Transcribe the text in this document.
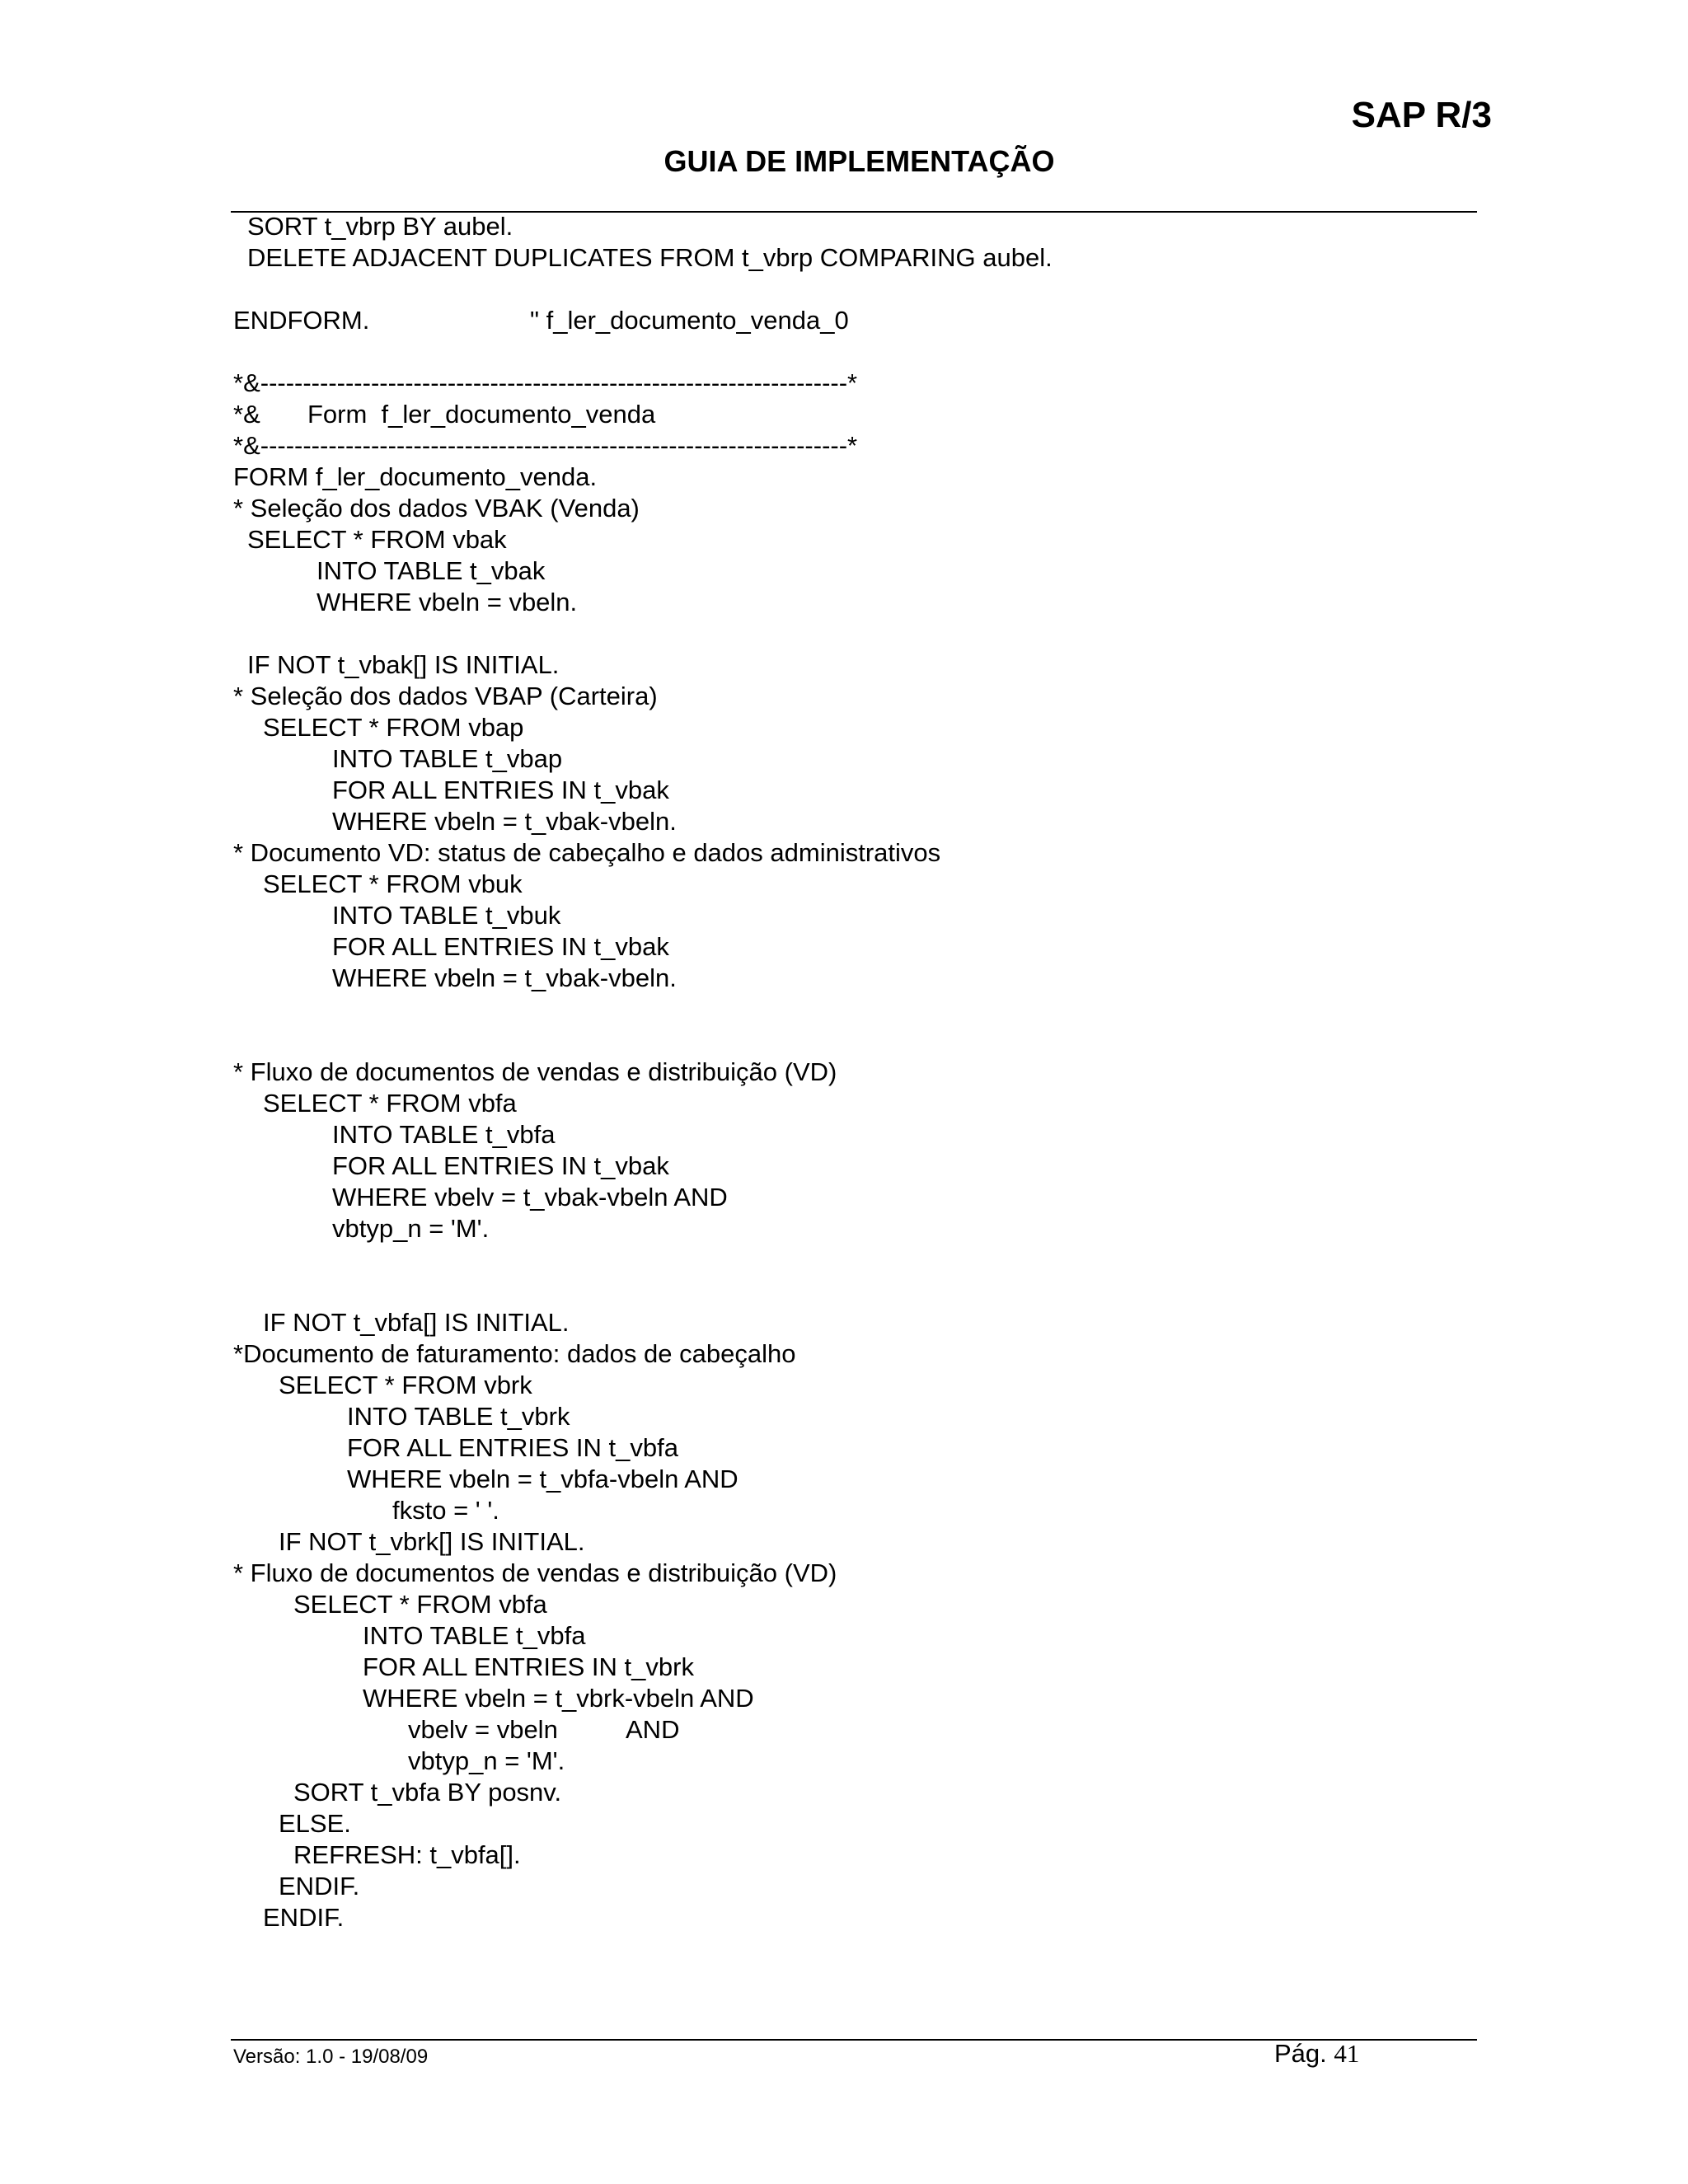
SAP R/3
GUIA DE IMPLEMENTAÇÃO
SORT t_vbrp BY aubel.
DELETE ADJACENT DUPLICATES FROM t_vbrp COMPARING aubel.
ENDFORM.	" f_ler_documento_venda_0
*&---------------------------------------------------------------------*
*& Form  f_ler_documento_venda
*&---------------------------------------------------------------------*
FORM f_ler_documento_venda.
* Seleção dos dados VBAK (Venda)
SELECT * FROM vbak
INTO TABLE t_vbak
WHERE vbeln = vbeln.
IF NOT t_vbak[] IS INITIAL.
* Seleção dos dados VBAP (Carteira)
SELECT * FROM vbap
INTO TABLE t_vbap
FOR ALL ENTRIES IN t_vbak
WHERE vbeln = t_vbak-vbeln.
* Documento VD: status de cabeçalho e dados administrativos
SELECT * FROM vbuk
INTO TABLE t_vbuk
FOR ALL ENTRIES IN t_vbak
WHERE vbeln = t_vbak-vbeln.
* Fluxo de documentos de vendas e distribuição (VD)
SELECT * FROM vbfa
INTO TABLE t_vbfa
FOR ALL ENTRIES IN t_vbak
WHERE vbelv = t_vbak-vbeln AND
vbtyp_n = 'M'.
IF NOT t_vbfa[] IS INITIAL.
*Documento de faturamento: dados de cabeçalho
SELECT * FROM vbrk
INTO TABLE t_vbrk
FOR ALL ENTRIES IN t_vbfa
WHERE vbeln = t_vbfa-vbeln AND
fksto = ' '.
IF NOT t_vbrk[] IS INITIAL.
* Fluxo de documentos de vendas e distribuição (VD)
SELECT * FROM vbfa
INTO TABLE t_vbfa
FOR ALL ENTRIES IN t_vbrk
WHERE vbeln = t_vbrk-vbeln AND
vbelv = vbeln	AND
vbtyp_n = 'M'.
SORT t_vbfa BY posnv.
ELSE.
REFRESH: t_vbfa[].
ENDIF.
ENDIF.
Versão: 1.0 - 19/08/09	Pág. 41
